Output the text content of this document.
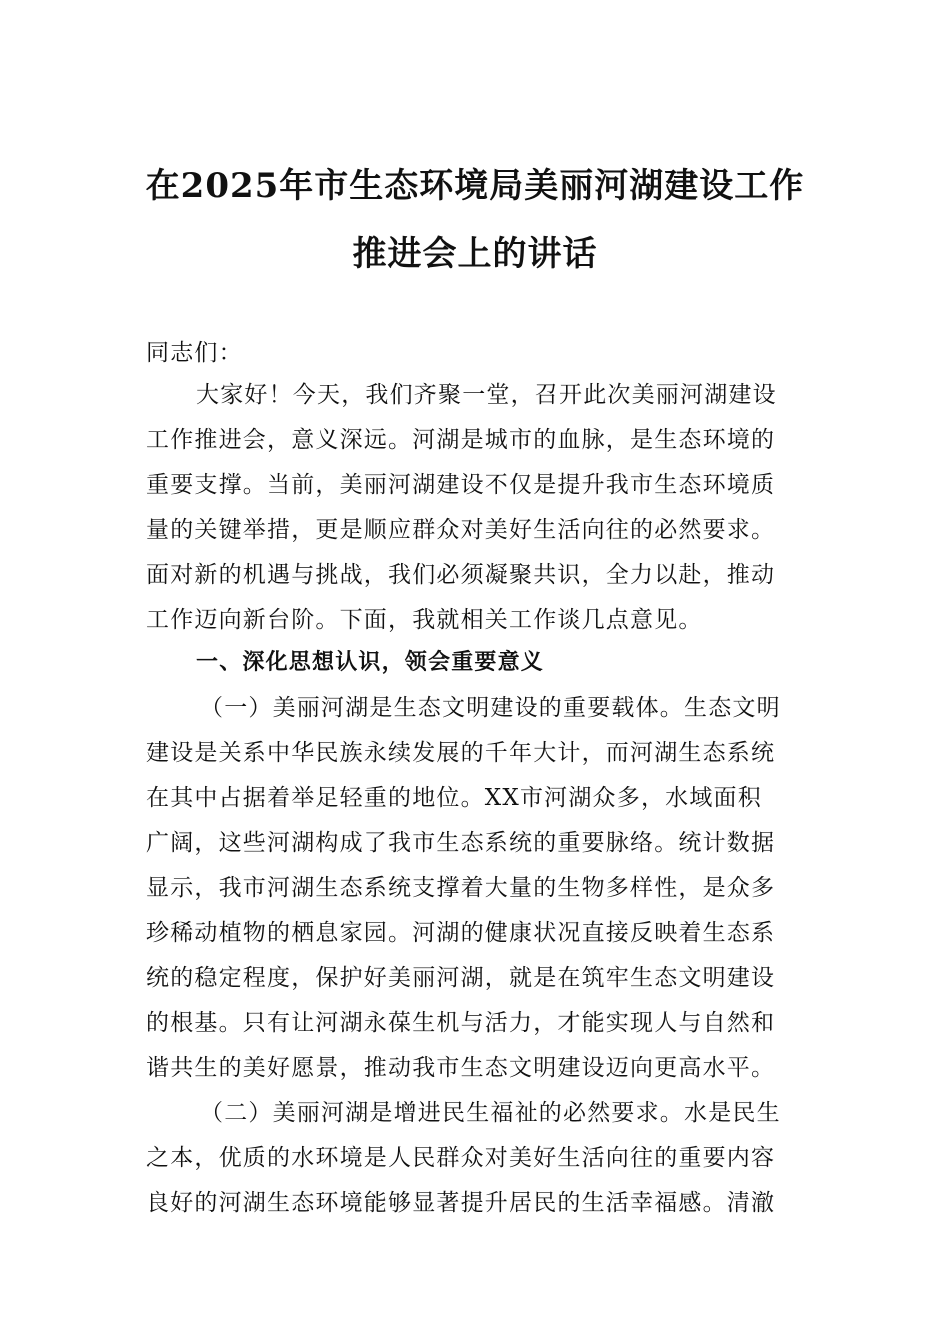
在2025年市生态环境局美丽河湖建设工作
推进会上的讲话
同志们：
大家好！今天，我们齐聚一堂，召开此次美丽河湖建设
工作推进会，意义深远。河湖是城市的血脉，是生态环境的
重要支撑。当前，美丽河湖建设不仅是提升我市生态环境质
量的关键举措，更是顺应群众对美好生活向往的必然要求。
面对新的机遇与挑战，我们必须凝聚共识，全力以赴，推动
工作迈向新台阶。下面，我就相关工作谈几点意见。
一、深化思想认识，领会重要意义
（一）美丽河湖是生态文明建设的重要载体。生态文明
建设是关系中华民族永续发展的千年大计，而河湖生态系统
在其中占据着举足轻重的地位。XX市河湖众多，水域面积
广阔，这些河湖构成了我市生态系统的重要脉络。统计数据
显示，我市河湖生态系统支撑着大量的生物多样性，是众多
珍稀动植物的栖息家园。河湖的健康状况直接反映着生态系
统的稳定程度，保护好美丽河湖，就是在筑牢生态文明建设
的根基。只有让河湖永葆生机与活力，才能实现人与自然和
谐共生的美好愿景，推动我市生态文明建设迈向更高水平。
（二）美丽河湖是增进民生福祉的必然要求。水是民生
之本，优质的水环境是人民群众对美好生活向往的重要内容
良好的河湖生态环境能够显著提升居民的生活幸福感。清澈
